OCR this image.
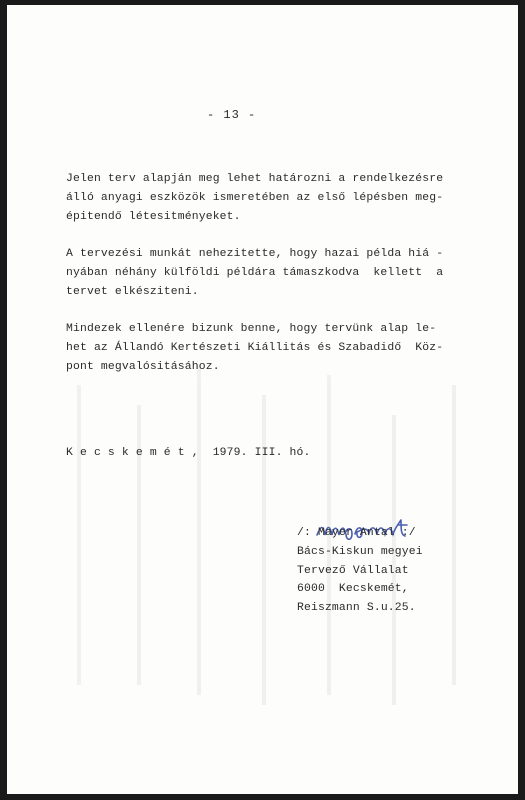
- 13 -
Jelen terv alapján meg lehet határozni a rendelkezésre
álló anyagi eszközök ismeretében az első lépésben meg-
épitendő létesitményeket.
A tervezési munkát nehezitette, hogy hazai példa hiá -
nyában néhány külföldi példára támaszkodva  kellett  a
tervet elkésziteni.
Mindezek ellenére bizunk benne, hogy tervünk alap le-
het az Állandó Kertészeti Kiállitás és Szabadidő  Köz-
pont megvalósitásához.
K e c s k e m é t ,  1979. III. hó.
/: Mayer Antal :/
Bács-Kiskun megyei
Tervező Vállalat
6000  Kecskemét,
Reiszmann S.u.25.
